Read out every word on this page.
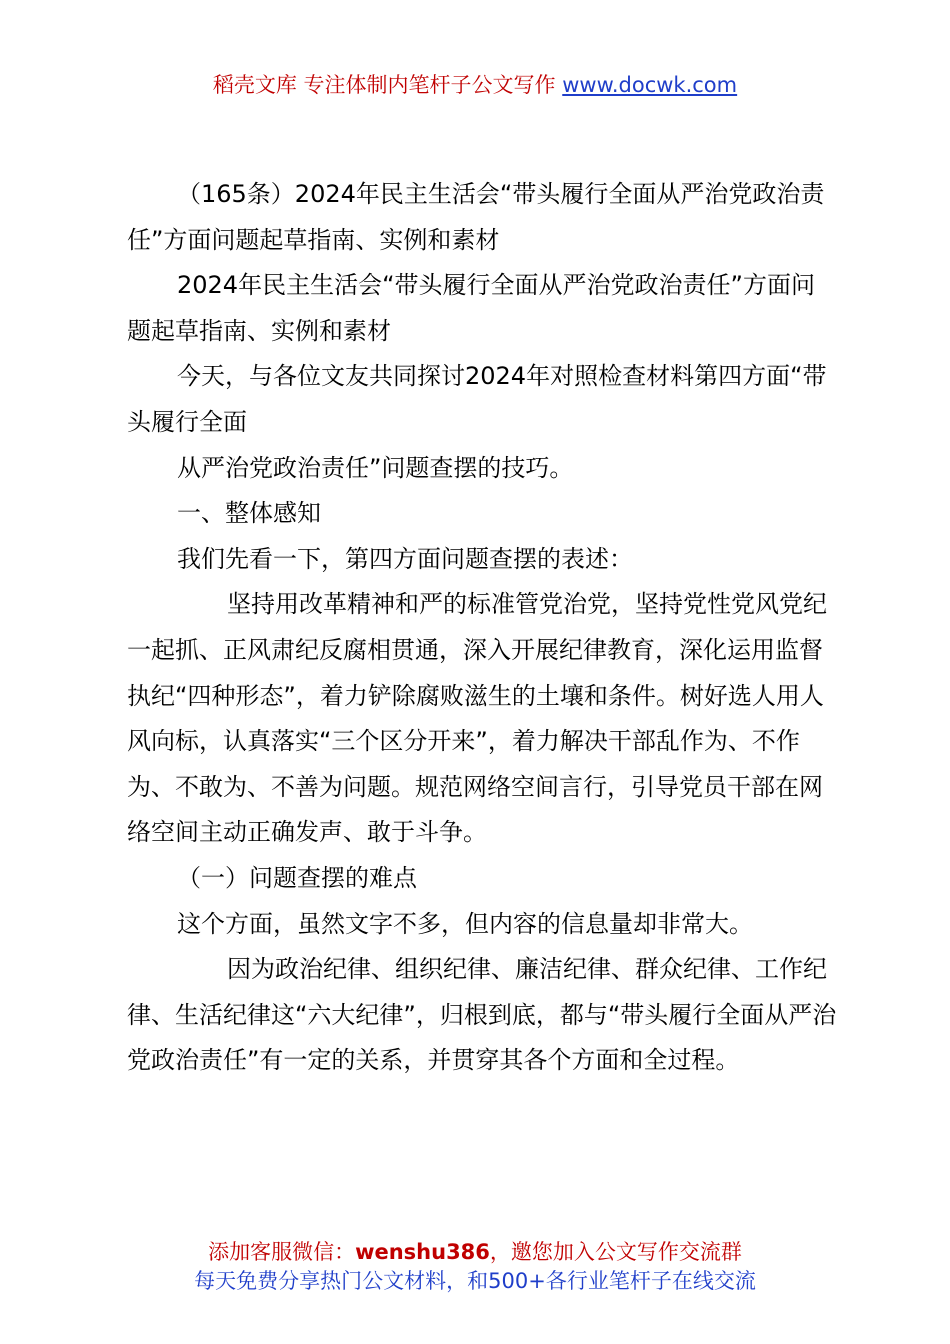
稻壳文库 专注体制内笔杆子公文写作 www.docwk.com

（165条）2024年民主生活会“带头履行全面从严治党政治责任”方面问题起草指南、实例和素材

2024年民主生活会“带头履行全面从严治党政治责任”方面问题起草指南、实例和素材

今天，与各位文友共同探讨2024年对照检查材料第四方面“带头履行全面

从严治党政治责任”问题查摆的技巧。

一、整体感知

我们先看一下，第四方面问题查摆的表述：

坚持用改革精神和严的标准管党治党，坚持党性党风党纪一起抓、正风肃纪反腐相贯通，深入开展纪律教育，深化运用监督执纪“四种形态”，着力铲除腐败滋生的土壤和条件。树好选人用人风向标，认真落实“三个区分开来”，着力解决干部乱作为、不作为、不敢为、不善为问题。规范网络空间言行，引导党员干部在网络空间主动正确发声、敢于斗争。

（一）问题查摆的难点

这个方面，虽然文字不多，但内容的信息量却非常大。

因为政治纪律、组织纪律、廉洁纪律、群众纪律、工作纪律、生活纪律这“六大纪律”，归根到底，都与“带头履行全面从严治党政治责任”有一定的关系，并贯穿其各个方面和全过程。

添加客服微信：wenshu386，邀您加入公文写作交流群
每天免费分享热门公文材料，和500+各行业笔杆子在线交流
